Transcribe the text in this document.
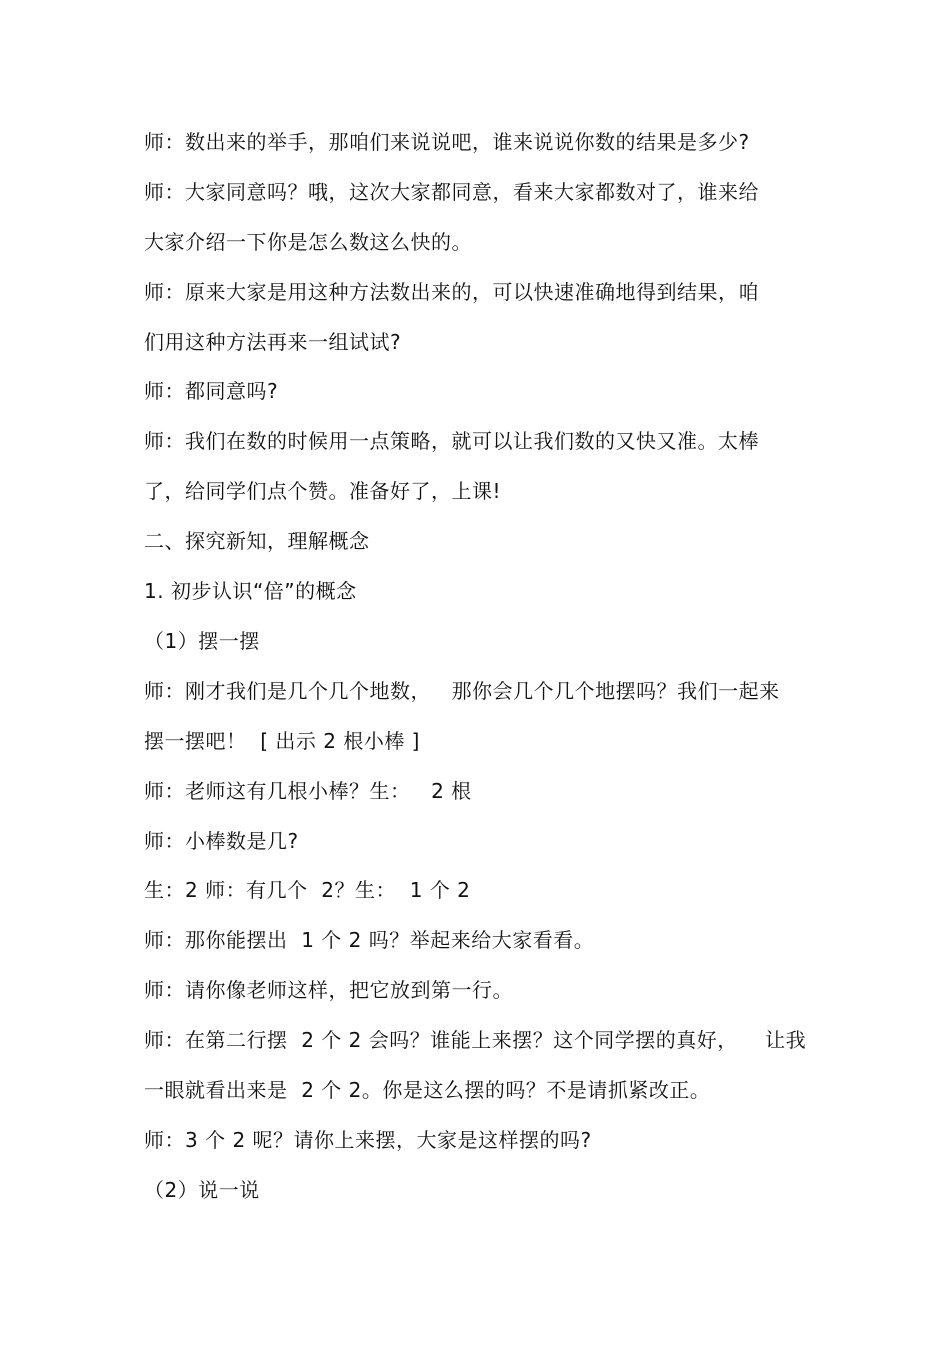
师：数出来的举手，那咱们来说说吧，谁来说说你数的结果是多少?
师：大家同意吗？哦，这次大家都同意，看来大家都数对了，谁来给
大家介绍一下你是怎么数这么快的。
师：原来大家是用这种方法数出来的，可以快速准确地得到结果，咱
们用这种方法再来一组试试?
师：都同意吗?
师：我们在数的时候用一点策略，就可以让我们数的又快又准。太棒
了，给同学们点个赞。准备好了，上课!
二、探究新知，理解概念
1. 初步认识“倍”的概念
（1）摆一摆
师：刚才我们是几个几个地数，   那你会几个几个地摆吗？我们一起来
摆一摆吧！  [ 出示 2 根小棒 ]
师：老师这有几根小棒？生：   2 根
师：小棒数是几?
生：2 师：有几个  2？生：  1 个 2
师：那你能摆出  1 个 2 吗？举起来给大家看看。
师：请你像老师这样，把它放到第一行。
师：在第二行摆  2 个 2 会吗？谁能上来摆？这个同学摆的真好，    让我
一眼就看出来是  2 个 2。你是这么摆的吗？不是请抓紧改正。
师：3 个 2 呢？请你上来摆，大家是这样摆的吗?
（2）说一说
